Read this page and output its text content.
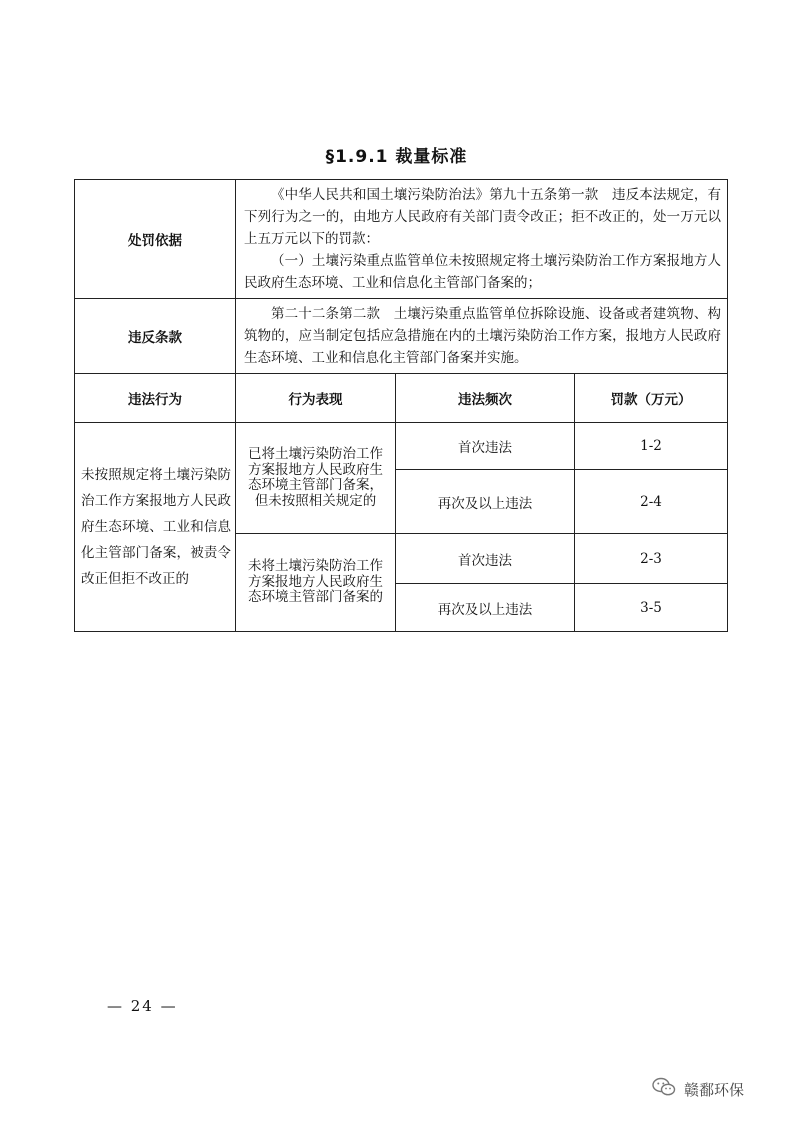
§1.9.1 裁量标准
处罚依据	《中华人民共和国土壤污染防治法》第九十五条第一款　违反本法规定，有下列行为之一的，由地方人民政府有关部门责令改正；拒不改正的，处一万元以上五万元以下的罚款：

（一）土壤污染重点监管单位未按照规定将土壤污染防治工作方案报地方人民政府生态环境、工业和信息化主管部门备案的；		

违反条款	第二十二条第二款　土壤污染重点监管单位拆除设施、设备或者建筑物、构筑物的，应当制定包括应急措施在内的土壤污染防治工作方案，报地方人民政府生态环境、工业和信息化主管部门备案并实施。		

违法行为	行为表现	违法频次	罚款（万元）
未按照规定将土壤污染防治工作方案报地方人民政府生态环境、工业和信息化主管部门备案，被责令改正但拒不改正的	已将土壤污染防治工作方案报地方人民政府生态环境主管部门备案，但未按照相关规定的	首次违法	1-2
		再次及以上违法	2-4
	未将土壤污染防治工作方案报地方人民政府生态环境主管部门备案的	首次违法	2-3
		再次及以上违法	3-5
— 24 —
赣鄱环保
